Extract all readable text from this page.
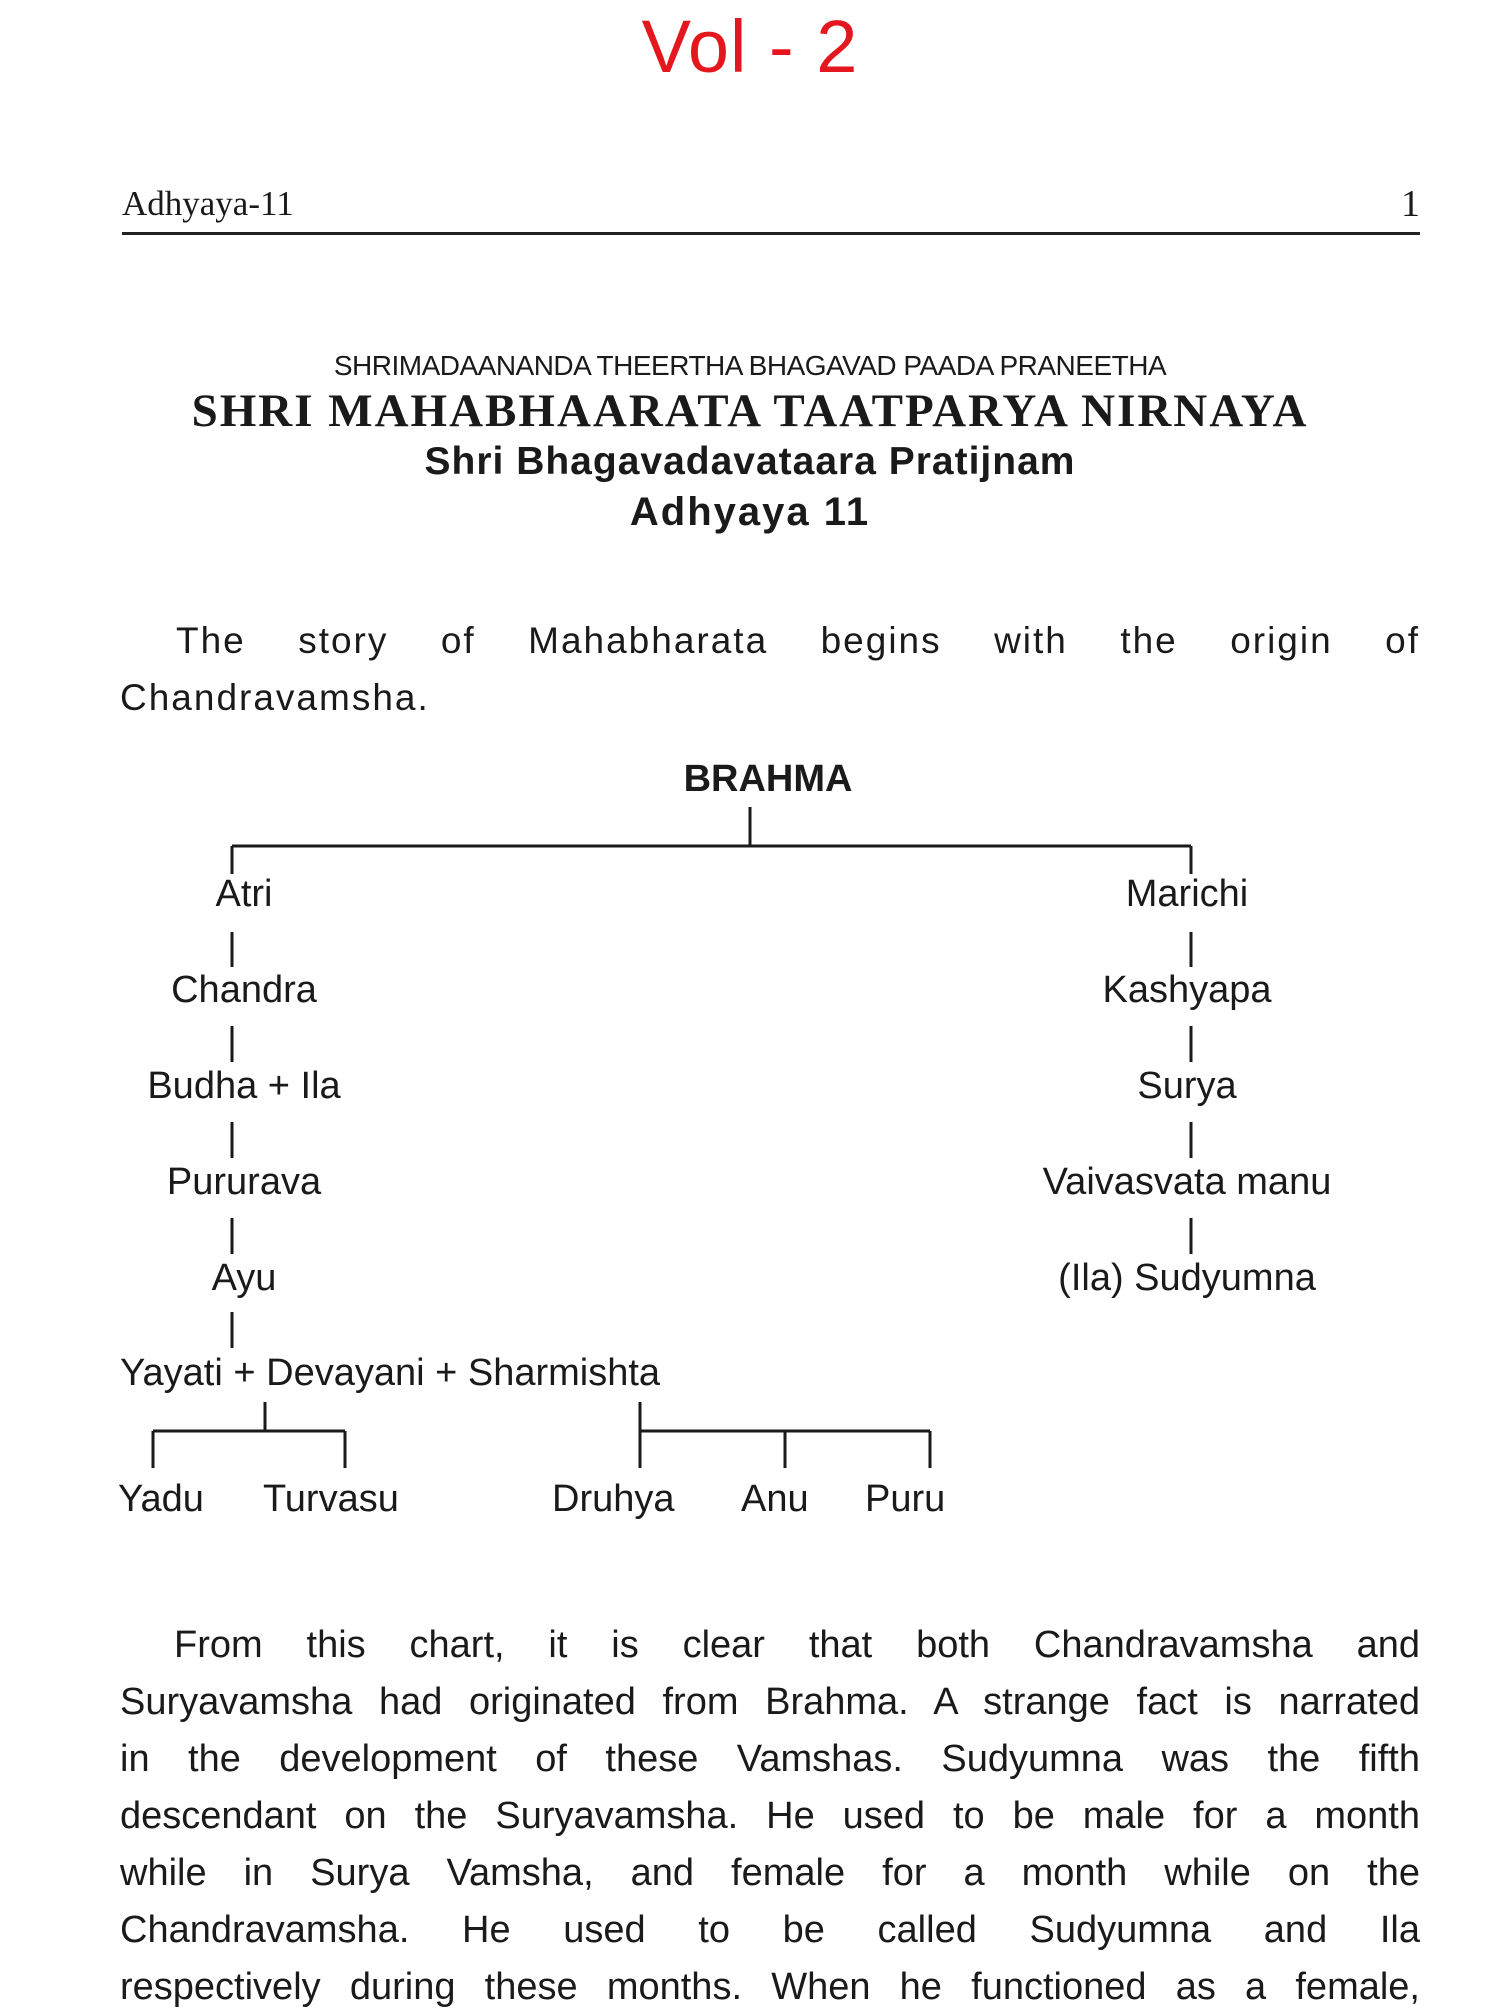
Vol - 2
Adhyaya-11	1
SHRIMADAANANDA THEERTHA BHAGAVAD PAADA PRANEETHA
SHRI MAHABHAARATA TAATPARYA NIRNAYA
Shri Bhagavadavataara Pratijnam
Adhyaya 11
The story of Mahabharata begins with the origin of
Chandravamsha.
BRAHMA
Atri
Chandra
Budha + Ila
Pururava
Ayu
Marichi
Kashyapa
Surya
Vaivasvata manu
(Ila) Sudyumna
Yayati + Devayani + Sharmishta
Yadu Turvasu	Druhya Anu Puru
From this chart, it is clear that both Chandravamsha and
Suryavamsha had originated from Brahma. A strange fact is narrated
in the development of these Vamshas. Sudyumna was the fifth
descendant on the Suryavamsha. He used to be male for a month
while in Surya Vamsha, and female for a month while on the
Chandravamsha. He used to be called Sudyumna and Ila
respectively during these months. When he functioned as a female,
